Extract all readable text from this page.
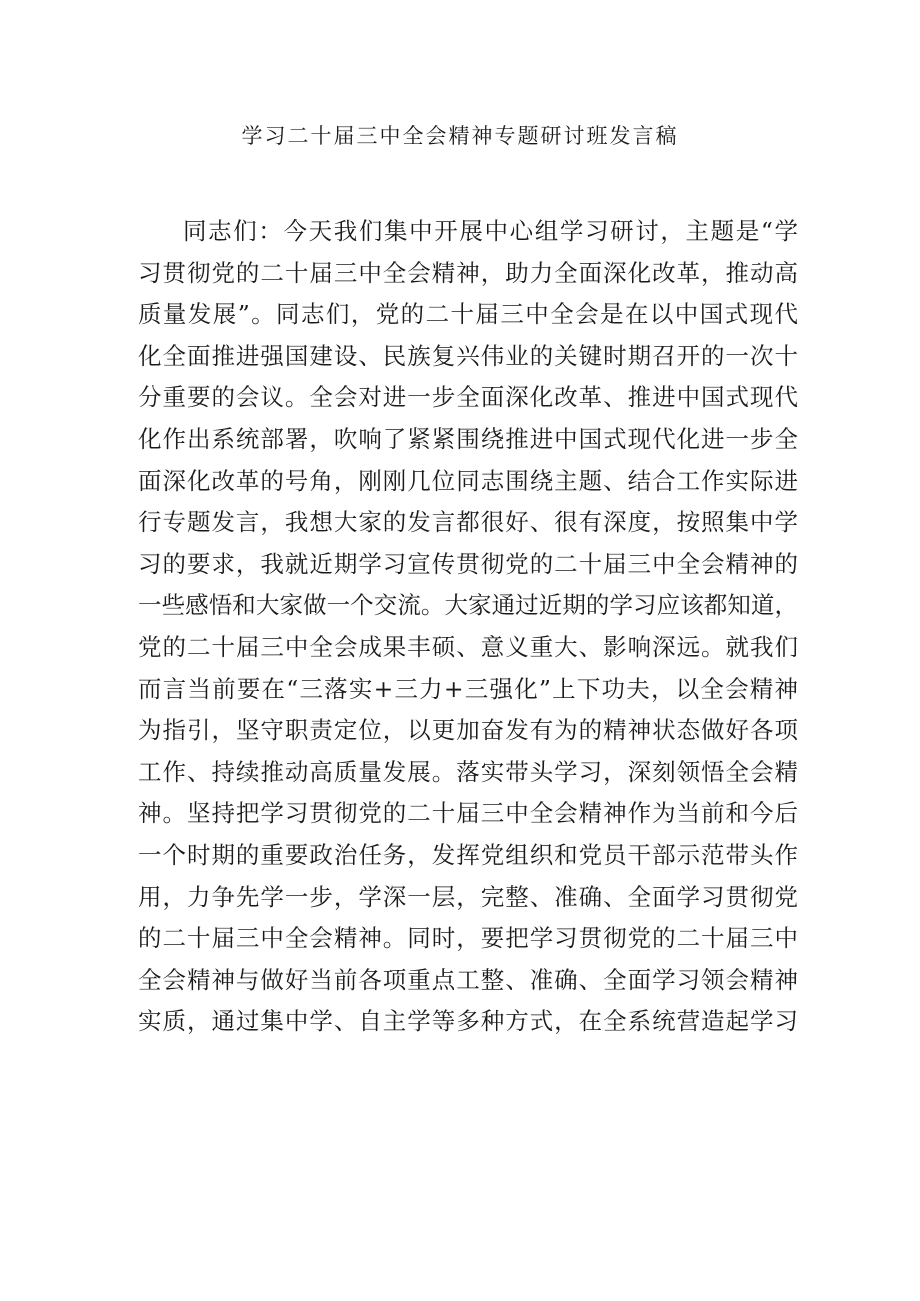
学习二十届三中全会精神专题研讨班发言稿
同志们：今天我们集中开展中心组学习研讨，主题是“学
习贯彻党的二十届三中全会精神，助力全面深化改革，推动高
质量发展”。同志们，党的二十届三中全会是在以中国式现代
化全面推进强国建设、民族复兴伟业的关键时期召开的一次十
分重要的会议。全会对进一步全面深化改革、推进中国式现代
化作出系统部署，吹响了紧紧围绕推进中国式现代化进一步全
面深化改革的号角，刚刚几位同志围绕主题、结合工作实际进
行专题发言，我想大家的发言都很好、很有深度，按照集中学
习的要求，我就近期学习宣传贯彻党的二十届三中全会精神的
一些感悟和大家做一个交流。大家通过近期的学习应该都知道，
党的二十届三中全会成果丰硕、意义重大、影响深远。就我们
而言当前要在“三落实+三力+三强化”上下功夫，以全会精神
为指引，坚守职责定位，以更加奋发有为的精神状态做好各项
工作、持续推动高质量发展。落实带头学习，深刻领悟全会精
神。坚持把学习贯彻党的二十届三中全会精神作为当前和今后
一个时期的重要政治任务，发挥党组织和党员干部示范带头作
用，力争先学一步，学深一层，完整、准确、全面学习贯彻党
的二十届三中全会精神。同时，要把学习贯彻党的二十届三中
全会精神与做好当前各项重点工整、准确、全面学习领会精神
实质，通过集中学、自主学等多种方式，在全系统营造起学习
